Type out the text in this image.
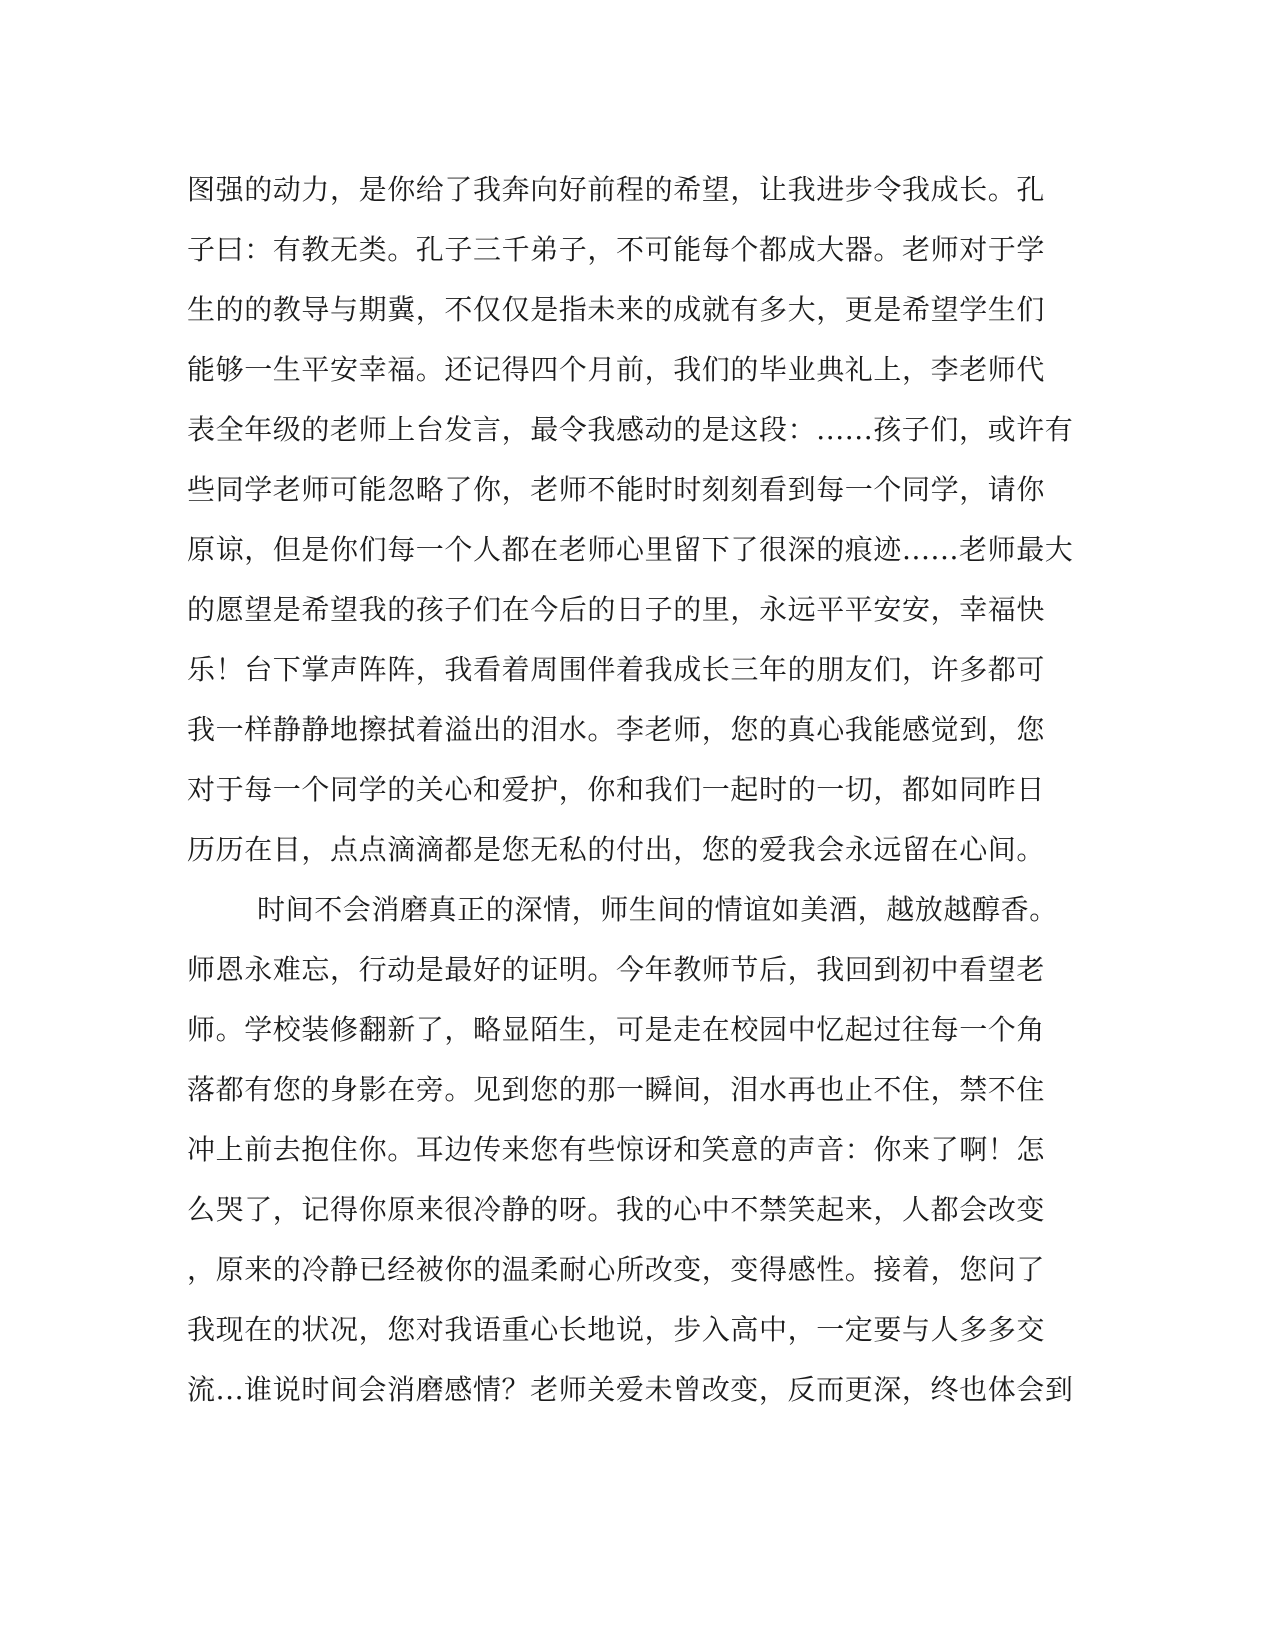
图强的动力，是你给了我奔向好前程的希望，让我进步令我成长。孔
子曰：有教无类。孔子三千弟子，不可能每个都成大器。老师对于学
生的的教导与期冀，不仅仅是指未来的成就有多大，更是希望学生们
能够一生平安幸福。还记得四个月前，我们的毕业典礼上，李老师代
表全年级的老师上台发言，最令我感动的是这段：......孩子们，或许有
些同学老师可能忽略了你，老师不能时时刻刻看到每一个同学，请你
原谅，但是你们每一个人都在老师心里留下了很深的痕迹......老师最大
的愿望是希望我的孩子们在今后的日子的里，永远平平安安，幸福快
乐！台下掌声阵阵，我看着周围伴着我成长三年的朋友们，许多都可
我一样静静地擦拭着溢出的泪水。李老师，您的真心我能感觉到，您
对于每一个同学的关心和爱护，你和我们一起时的一切，都如同昨日
历历在目，点点滴滴都是您无私的付出，您的爱我会永远留在心间。
时间不会消磨真正的深情，师生间的情谊如美酒，越放越醇香。
师恩永难忘，行动是最好的证明。今年教师节后，我回到初中看望老
师。学校装修翻新了，略显陌生，可是走在校园中忆起过往每一个角
落都有您的身影在旁。见到您的那一瞬间，泪水再也止不住，禁不住
冲上前去抱住你。耳边传来您有些惊讶和笑意的声音：你来了啊！怎
么哭了，记得你原来很冷静的呀。我的心中不禁笑起来，人都会改变
，原来的冷静已经被你的温柔耐心所改变，变得感性。接着，您问了
我现在的状况，您对我语重心长地说，步入高中，一定要与人多多交
流...谁说时间会消磨感情？老师关爱未曾改变，反而更深，终也体会到
